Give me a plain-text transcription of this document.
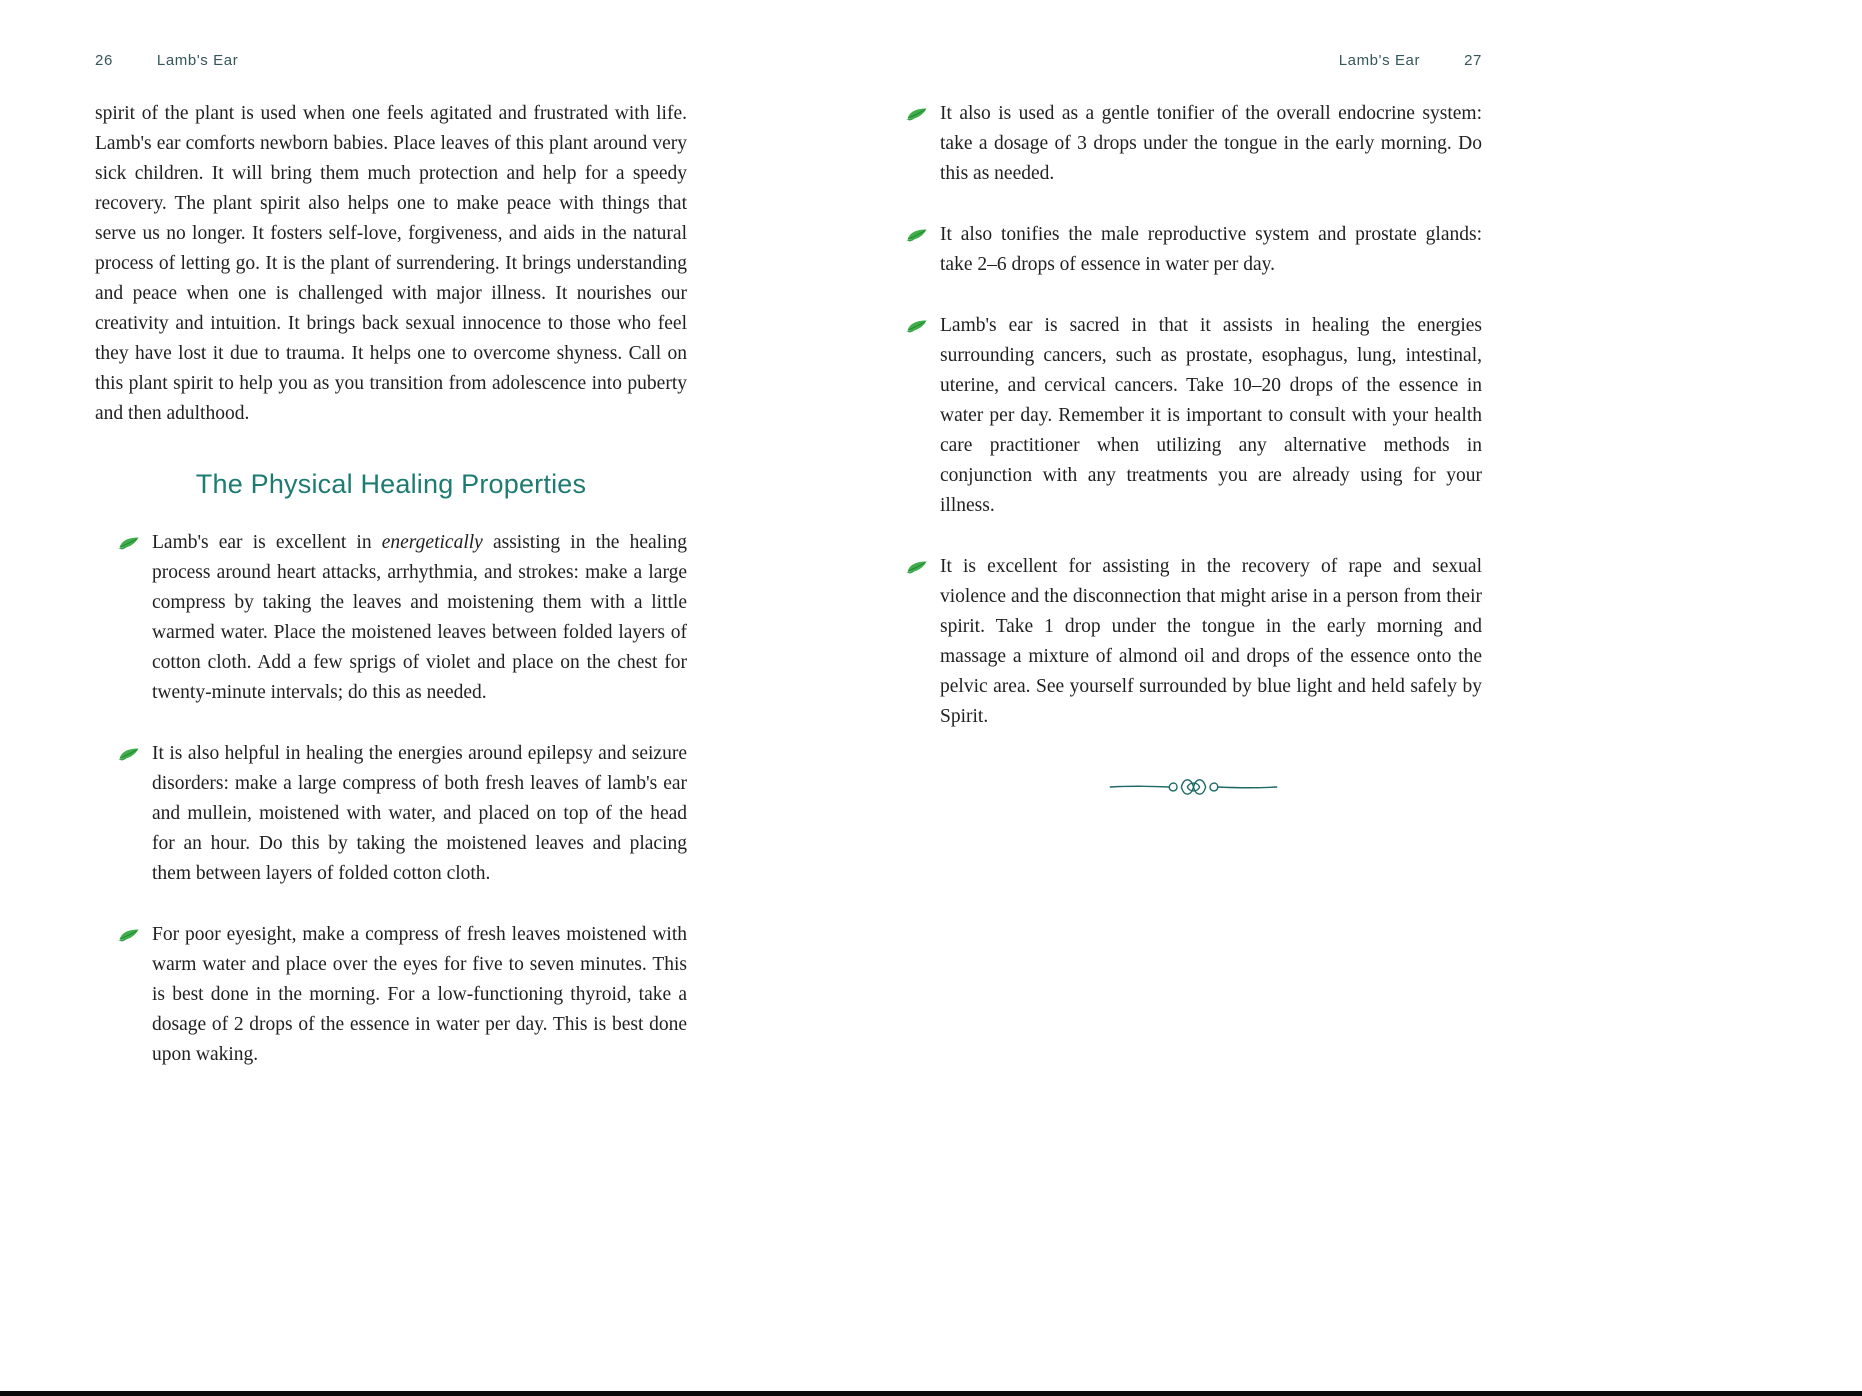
26	Lamb's Ear

spirit of the plant is used when one feels agitated and frustrated with life. Lamb's ear comforts newborn babies. Place leaves of this plant around very sick children. It will bring them much protection and help for a speedy recovery. The plant spirit also helps one to make peace with things that serve us no longer. It fosters self-love, forgiveness, and aids in the natural process of letting go. It is the plant of surrendering. It brings understanding and peace when one is challenged with major illness. It nourishes our creativity and intuition. It brings back sexual innocence to those who feel they have lost it due to trauma. It helps one to overcome shyness. Call on this plant spirit to help you as you transition from adolescence into puberty and then adulthood.

The Physical Healing Properties

Lamb's ear is excellent in energetically assisting in the healing process around heart attacks, arrhythmia, and strokes: make a large compress by taking the leaves and moistening them with a little warmed water. Place the moistened leaves between folded layers of cotton cloth. Add a few sprigs of violet and place on the chest for twenty-minute intervals; do this as needed.

It is also helpful in healing the energies around epilepsy and seizure disorders: make a large compress of both fresh leaves of lamb's ear and mullein, moistened with water, and placed on top of the head for an hour. Do this by taking the moistened leaves and placing them between layers of folded cotton cloth.

For poor eyesight, make a compress of fresh leaves moistened with warm water and place over the eyes for five to seven minutes. This is best done in the morning. For a low-functioning thyroid, take a dosage of 2 drops of the essence in water per day. This is best done upon waking.

Lamb's Ear	27

It also is used as a gentle tonifier of the overall endocrine system: take a dosage of 3 drops under the tongue in the early morning. Do this as needed.

It also tonifies the male reproductive system and prostate glands: take 2–6 drops of essence in water per day.

Lamb's ear is sacred in that it assists in healing the energies surrounding cancers, such as prostate, esophagus, lung, intestinal, uterine, and cervical cancers. Take 10–20 drops of the essence in water per day. Remember it is important to consult with your health care practitioner when utilizing any alternative methods in conjunction with any treatments you are already using for your illness.

It is excellent for assisting in the recovery of rape and sexual violence and the disconnection that might arise in a person from their spirit. Take 1 drop under the tongue in the early morning and massage a mixture of almond oil and drops of the essence onto the pelvic area. See yourself surrounded by blue light and held safely by Spirit.
